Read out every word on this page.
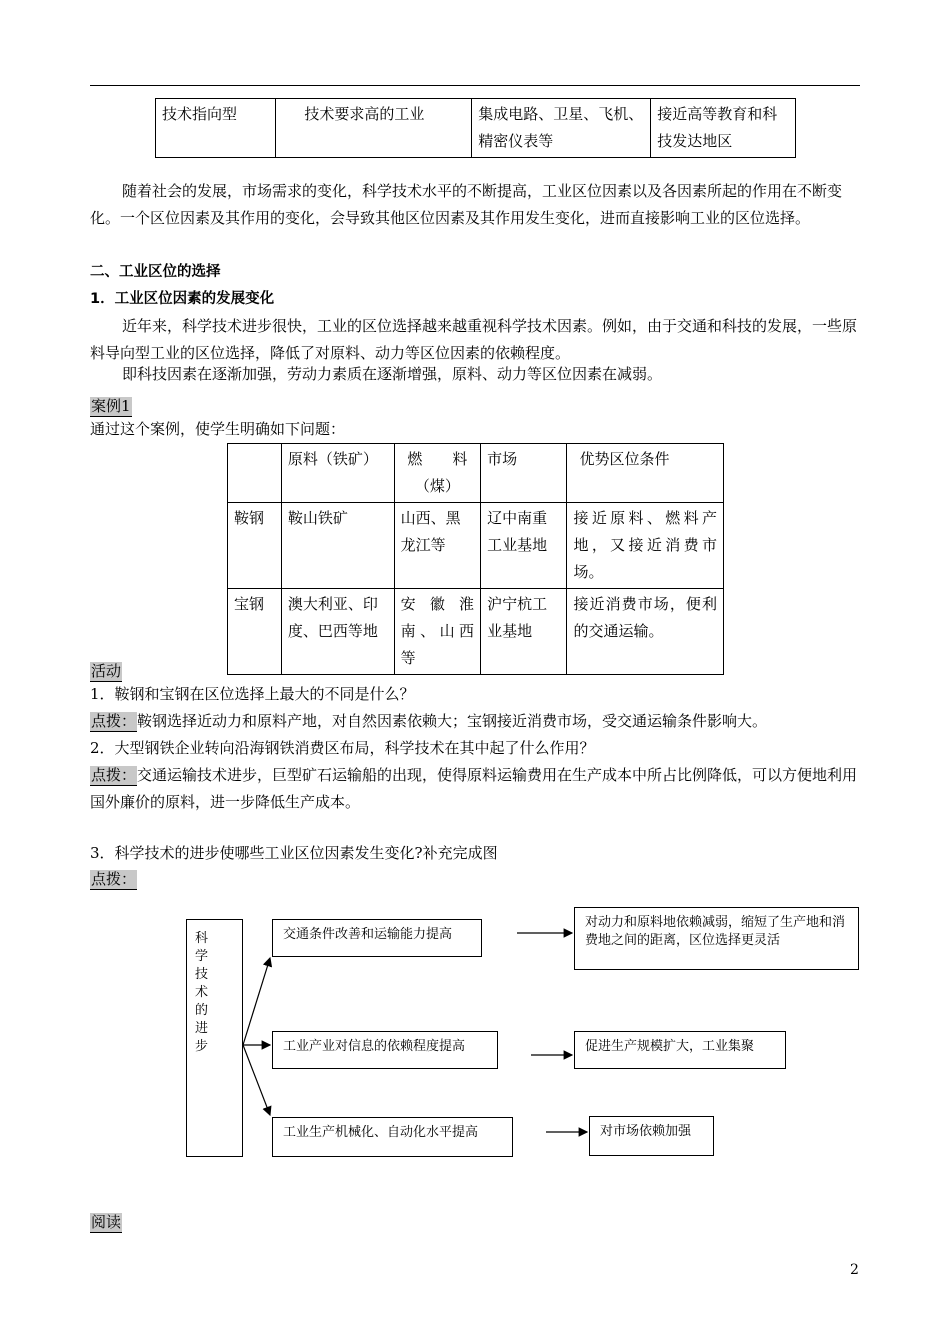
技术指向型	技术要求高的工业	集成电路、卫星、飞机、精密仪表等	接近高等教育和科技发达地区
随着社会的发展，市场需求的变化，科学技术水平的不断提高，工业区位因素以及各因素所起的作用在不断变化。一个区位因素及其作用的变化，会导致其他区位因素及其作用发生变化，进而直接影响工业的区位选择。
二、工业区位的选择
1．工业区位因素的发展变化
近年来，科学技术进步很快，工业的区位选择越来越重视科学技术因素。例如，由于交通和科技的发展，一些原料导向型工业的区位选择，降低了对原料、动力等区位因素的依赖程度。
即科技因素在逐渐加强，劳动力素质在逐渐增强，原料、动力等区位因素在减弱。
案例1
通过这个案例，使学生明确如下问题：
	原料（铁矿）	燃　　料（煤）	市场	优势区位条件
鞍钢	鞍山铁矿	山西、黑龙江等	辽中南重工业基地	接近原料、燃料产地，又接近消费市场。
宝钢	澳大利亚、印度、巴西等地	安徽淮南、山西等	沪宁杭工业基地	接近消费市场，便利的交通运输。
活动
1．鞍钢和宝钢在区位选择上最大的不同是什么？
点拨：鞍钢选择近动力和原料产地，对自然因素依赖大；宝钢接近消费市场，受交通运输条件影响大。
2．大型钢铁企业转向沿海钢铁消费区布局，科学技术在其中起了什么作用？
点拨：交通运输技术进步，巨型矿石运输船的出现，使得原料运输费用在生产成本中所占比例降低，可以方便地利用国外廉价的原料，进一步降低生产成本。
3．科学技术的进步使哪些工业区位因素发生变化?补充完成图
点拨：
科学技术的进步
交通条件改善和运输能力提高
工业产业对信息的依赖程度提高
工业生产机械化、自动化水平提高
对动力和原料地依赖减弱，缩短了生产地和消费地之间的距离，区位选择更灵活
促进生产规模扩大，工业集聚
对市场依赖加强
阅读
2
